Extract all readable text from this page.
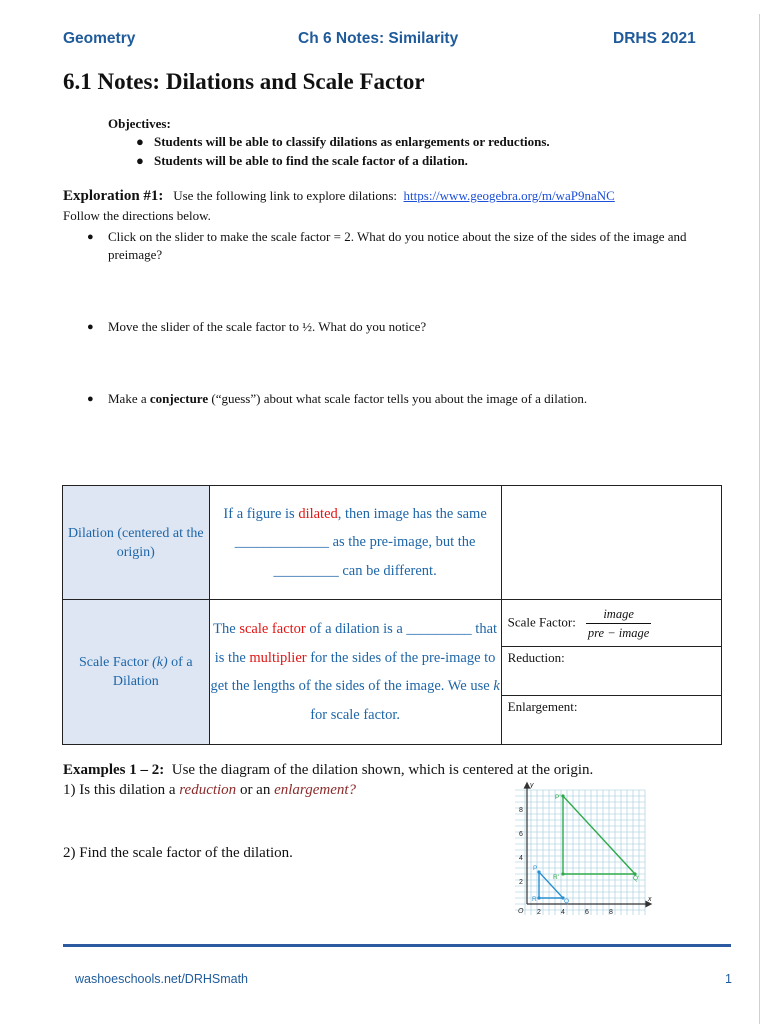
Geometry	Ch 6 Notes: Similarity	DRHS 2021
6.1 Notes: Dilations and Scale Factor
Objectives:
● Students will be able to classify dilations as enlargements or reductions.
● Students will be able to find the scale factor of a dilation.
Exploration #1: Use the following link to explore dilations: https://www.geogebra.org/m/waP9naNC
Follow the directions below.
● Click on the slider to make the scale factor = 2. What do you notice about the size of the sides of the image and preimage?
● Move the slider of the scale factor to ½. What do you notice?
● Make a conjecture (“guess”) about what scale factor tells you about the image of a dilation.
Dilation (centered at the origin)	If a figure is dilated, then image has the same _____________ as the pre-image, but the _________ can be different.	
Scale Factor (k) of a Dilation	The scale factor of a dilation is a _________ that is the multiplier for the sides of the pre-image to get the lengths of the sides of the image. We use k for scale factor.	Scale Factor: $\frac{\text{image}}{\text{pre − image}}$

		Reduction:
		Enlargement:
Examples 1 – 2: Use the diagram of the dilation shown, which is centered at the origin.
1) Is this dilation a reduction or an enlargement?
2) Find the scale factor of the dilation.
x
y
O 2	4	6	8
2
4
6
8
P'
R'	Q'
P
R	Q
washoeschools.net/DRHSmath	1
